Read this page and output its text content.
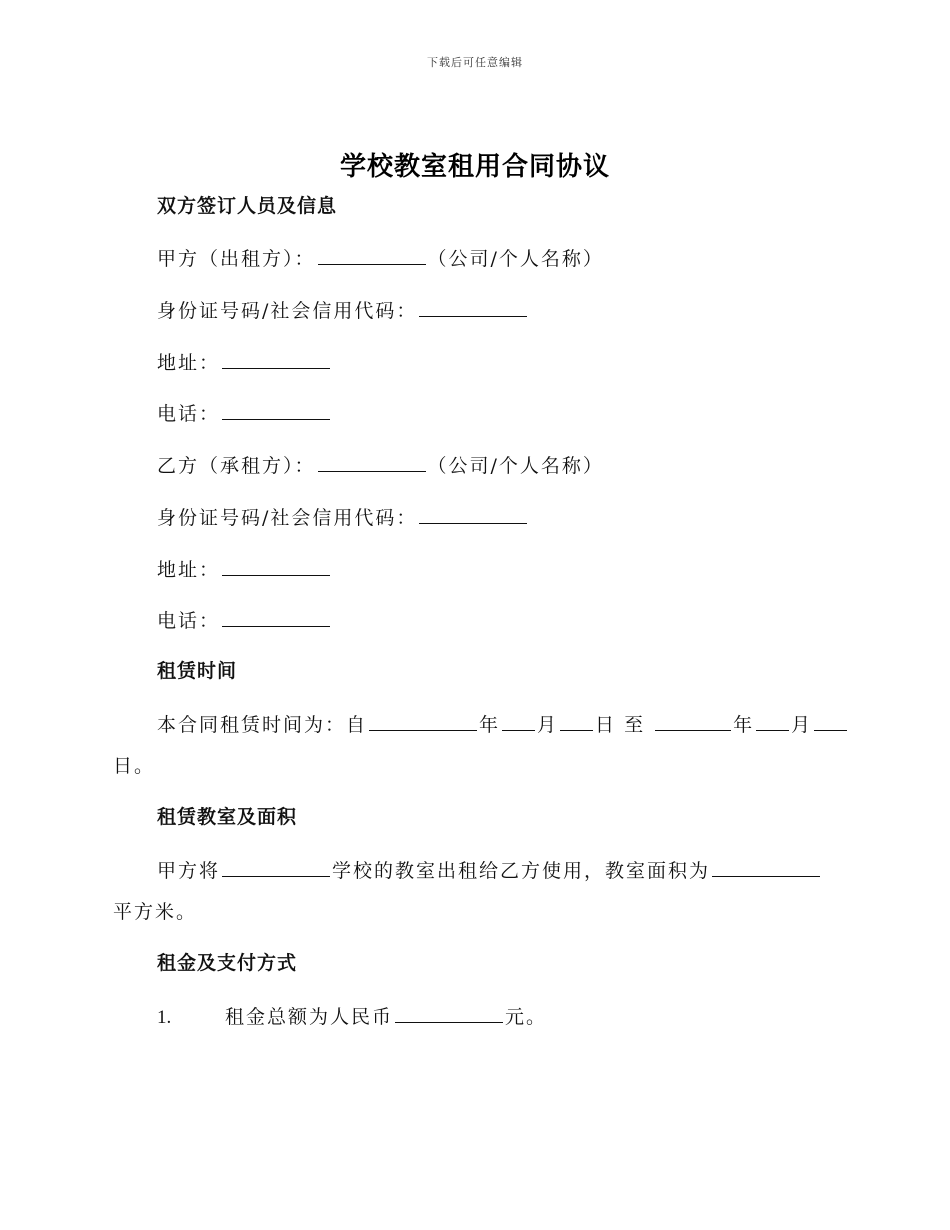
下载后可任意编辑
学校教室租用合同协议
双方签订人员及信息
甲方（出租方）：	（公司/个人名称）
身份证号码/社会信用代码：
地址：
电话：
乙方（承租方）：	（公司/个人名称）
身份证号码/社会信用代码：
地址：
电话：
租赁时间
本合同租赁时间为：自	年 月 日 至	年 月
日。
租赁教室及面积
甲方将	学校的教室出租给乙方使用，教室面积为
平方米。
租金及支付方式
1.	租金总额为人民币	元。
